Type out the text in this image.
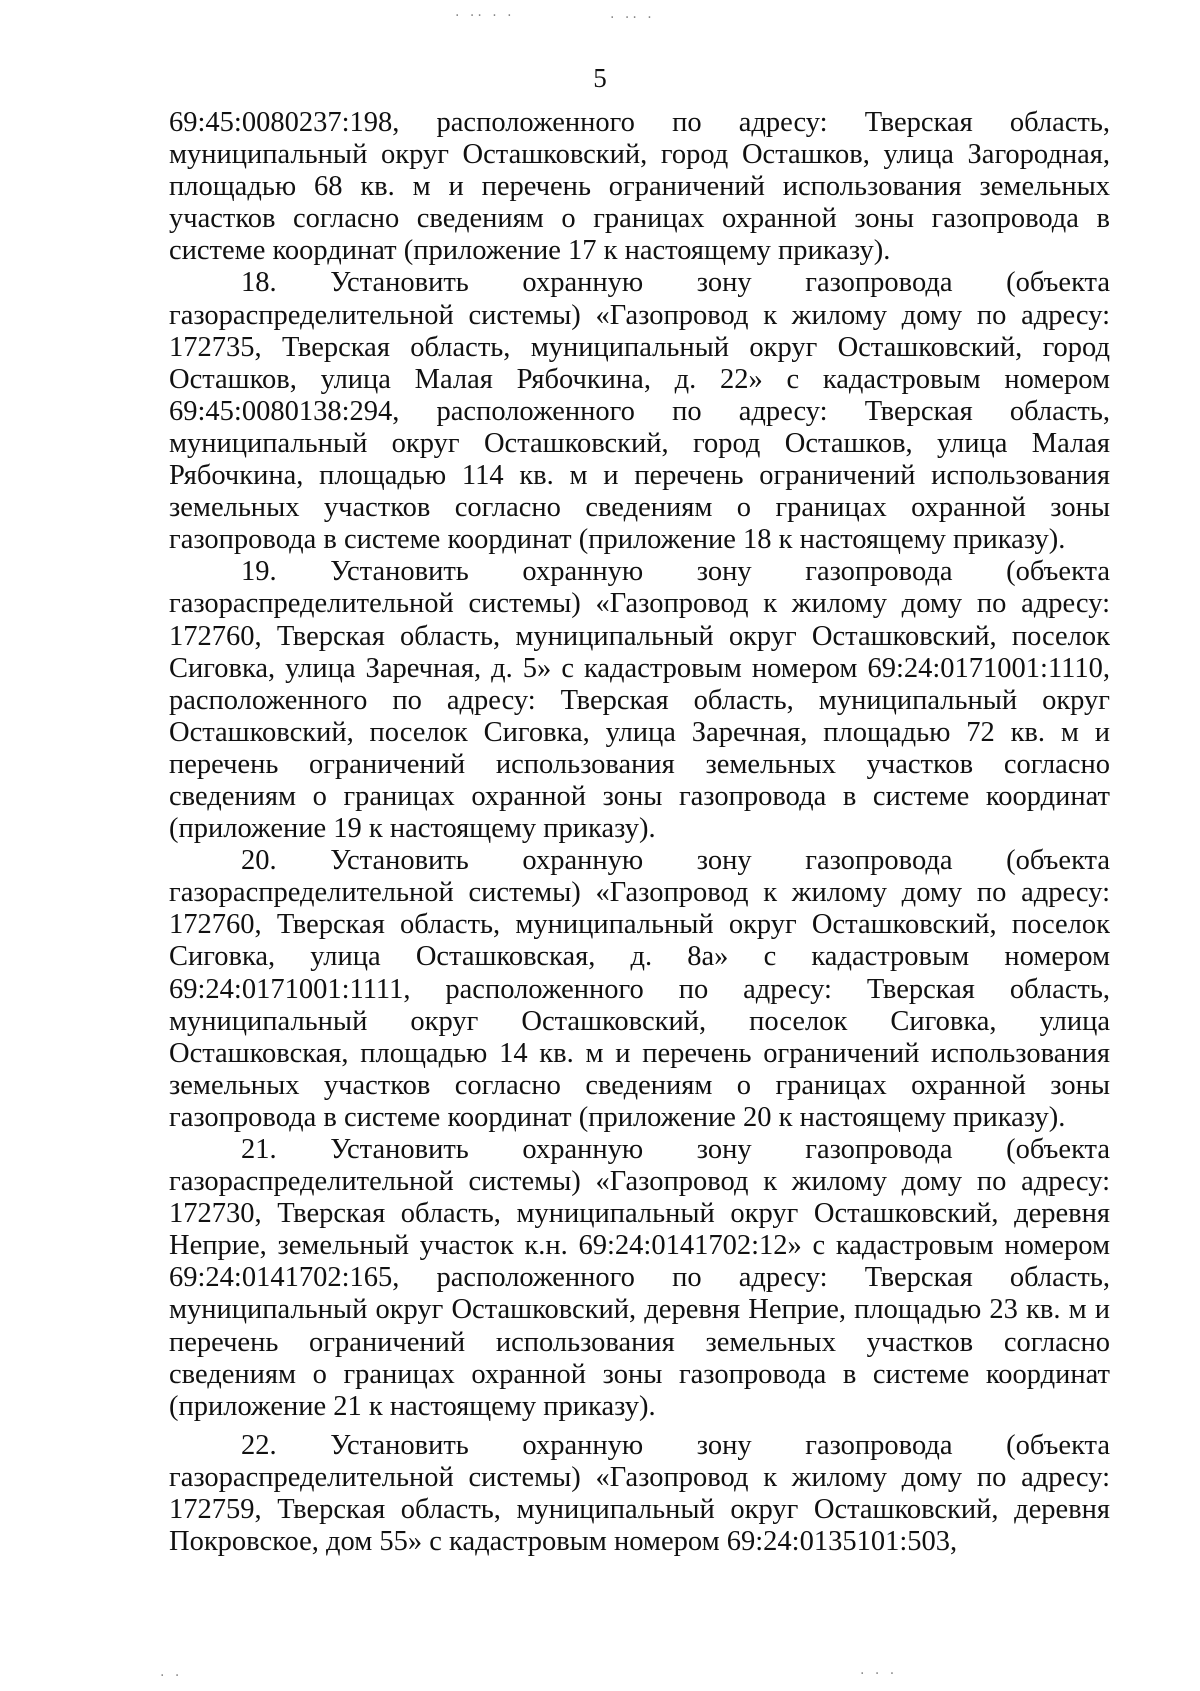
· ·· · ·	· ·· ·
5

69:45:0080237:198, расположенного по адресу: Тверская область, муниципальный округ Осташковский, город Осташков, улица Загородная, площадью 68 кв. м и перечень ограничений использования земельных участков согласно сведениям о границах охранной зоны газопровода в системе координат (приложение 17 к настоящему приказу).

18. Установить охранную зону газопровода (объекта газораспределительной системы) «Газопровод к жилому дому по адресу: 172735, Тверская область, муниципальный округ Осташковский, город Осташков, улица Малая Рябочкина, д. 22» с кадастровым номером 69:45:0080138:294, расположенного по адресу: Тверская область, муниципальный округ Осташковский, город Осташков, улица Малая Рябочкина, площадью 114 кв. м и перечень ограничений использования земельных участков согласно сведениям о границах охранной зоны газопровода в системе координат (приложение 18 к настоящему приказу).

19. Установить охранную зону газопровода (объекта газораспределительной системы) «Газопровод к жилому дому по адресу: 172760, Тверская область, муниципальный округ Осташковский, поселок Сиговка, улица Заречная, д. 5» с кадастровым номером 69:24:0171001:1110, расположенного по адресу: Тверская область, муниципальный округ Осташковский, поселок Сиговка, улица Заречная, площадью 72 кв. м и перечень ограничений использования земельных участков согласно сведениям о границах охранной зоны газопровода в системе координат (приложение 19 к настоящему приказу).

20. Установить охранную зону газопровода (объекта газораспределительной системы) «Газопровод к жилому дому по адресу: 172760, Тверская область, муниципальный округ Осташковский, поселок Сиговка, улица Осташковская, д. 8а» с кадастровым номером 69:24:0171001:1111, расположенного по адресу: Тверская область, муниципальный округ Осташковский, поселок Сиговка, улица Осташковская, площадью 14 кв. м и перечень ограничений использования земельных участков согласно сведениям о границах охранной зоны газопровода в системе координат (приложение 20 к настоящему приказу).

21. Установить охранную зону газопровода (объекта газораспределительной системы) «Газопровод к жилому дому по адресу: 172730, Тверская область, муниципальный округ Осташковский, деревня Неприе, земельный участок к.н. 69:24:0141702:12» с кадастровым номером 69:24:0141702:165, расположенного по адресу: Тверская область, муниципальный округ Осташковский, деревня Неприе, площадью 23 кв. м и перечень ограничений использования земельных участков согласно сведениям о границах охранной зоны газопровода в системе координат (приложение 21 к настоящему приказу).

22. Установить охранную зону газопровода (объекта газораспределительной системы) «Газопровод к жилому дому по адресу: 172759, Тверская область, муниципальный округ Осташковский, деревня Покровское, дом 55» с кадастровым номером 69:24:0135101:503,

· ·	· · ·
